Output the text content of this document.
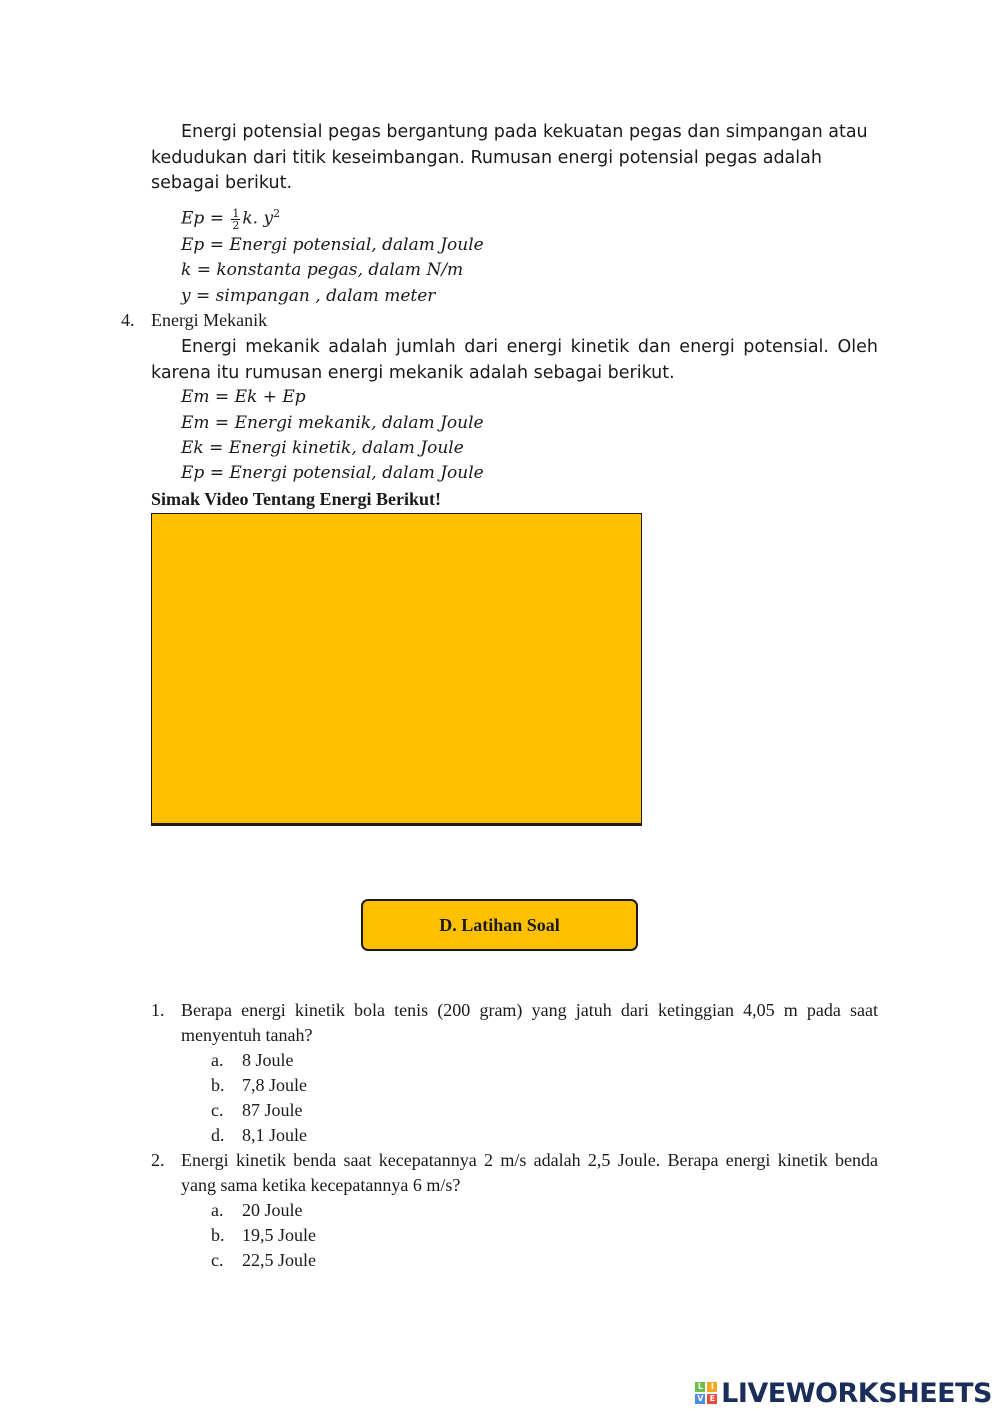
Energi potensial pegas bergantung pada kekuatan pegas dan simpangan atau kedudukan dari titik keseimbangan. Rumusan energi potensial pegas adalah sebagai berikut.
$Ep = \frac{1}{2} k$. $y^2$
Ep = Energi potensial, dalam Joule
k = konstanta pegas, dalam N/m
y = simpangan , dalam meter
4. Energi Mekanik
Energi mekanik adalah jumlah dari energi kinetik dan energi potensial. Oleh karena itu rumusan energi mekanik adalah sebagai berikut.
Em = Ek + Ep
Em = Energi mekanik, dalam Joule
Ek = Energi kinetik, dalam Joule
Ep = Energi potensial, dalam Joule
Simak Video Tentang Energi Berikut!
D. Latihan Soal
1. Berapa energi kinetik bola tenis (200 gram) yang jatuh dari ketinggian 4,05 m pada saat menyentuh tanah?
a. 8 Joule
b. 7,8 Joule
c. 87 Joule
d. 8,1 Joule
2. Energi kinetik benda saat kecepatannya 2 m/s adalah 2,5 Joule. Berapa energi kinetik benda yang sama ketika kecepatannya 6 m/s?
a. 20 Joule
b. 19,5 Joule
c. 22,5 Joule
L	I
V E LIVEWORKSHEETS
